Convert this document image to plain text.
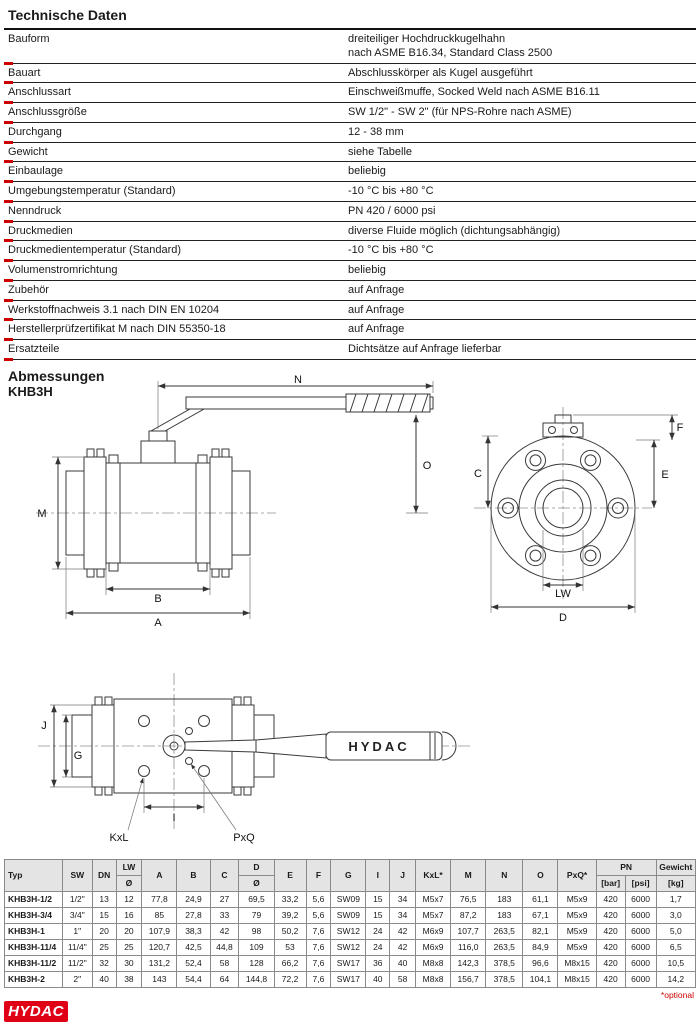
Technische Daten
Bauform	dreiteiliger Hochdruckkugelhahn
nach ASME B16.34, Standard Class 2500
Bauart	Abschlusskörper als Kugel ausgeführt
Anschlussart	Einschweißmuffe, Socked Weld nach ASME B16.11
Anschlussgröße	SW 1/2" - SW 2" (für NPS-Rohre nach ASME)
Durchgang	12 - 38 mm
Gewicht	siehe Tabelle
Einbaulage	beliebig
Umgebungstemperatur (Standard)	-10 °C bis +80 °C
Nenndruck	PN 420 / 6000 psi
Druckmedien	diverse Fluide möglich (dichtungsabhängig)
Druckmedientemperatur (Standard)	-10 °C bis +80 °C
Volumenstromrichtung	beliebig
Zubehör	auf Anfrage
Werkstoffnachweis 3.1 nach DIN EN 10204	auf Anfrage
Herstellerprüfzertifikat M nach DIN 55350-18	auf Anfrage
Ersatzteile	Dichtsätze auf Anfrage lieferbar
Abmessungen
KHB3H
N
O
M
B
A
C	E
F
LW
D
HYDAC
J
G
I
KxL	PxQ
Typ	SW	DN	LW	A	B	C	D	E	F	G	I	J	KxL*	M	N	O	PxQ*	PN		Gewicht
			Ø				Ø											[bar]	[psi]	[kg]
KHB3H-1/2	1/2"	13	12	77,8	24,9	27	69,5	33,2	5,6	SW09	15	34	M5x7	76,5	183	61,1	M5x9	420	6000	1,7
KHB3H-3/4	3/4"	15	16	85	27,8	33	79	39,2	5,6	SW09	15	34	M5x7	87,2	183	67,1	M5x9	420	6000	3,0
KHB3H-1	1"	20	20	107,9	38,3	42	98	50,2	7,6	SW12	24	42	M6x9	107,7	263,5	82,1	M5x9	420	6000	5,0
KHB3H-11/4	11/4"	25	25	120,7	42,5	44,8	109	53	7,6	SW12	24	42	M6x9	116,0	263,5	84,9	M5x9	420	6000	6,5
KHB3H-11/2	11/2"	32	30	131,2	52,4	58	128	66,2	7,6	SW17	36	40	M8x8	142,3	378,5	96,6	M8x15	420	6000	10,5
KHB3H-2	2"	40	38	143	54,4	64	144,8	72,2	7,6	SW17	40	58	M8x8	156,7	378,5	104,1	M8x15	420	6000	14,2
*optional
HYDAC
